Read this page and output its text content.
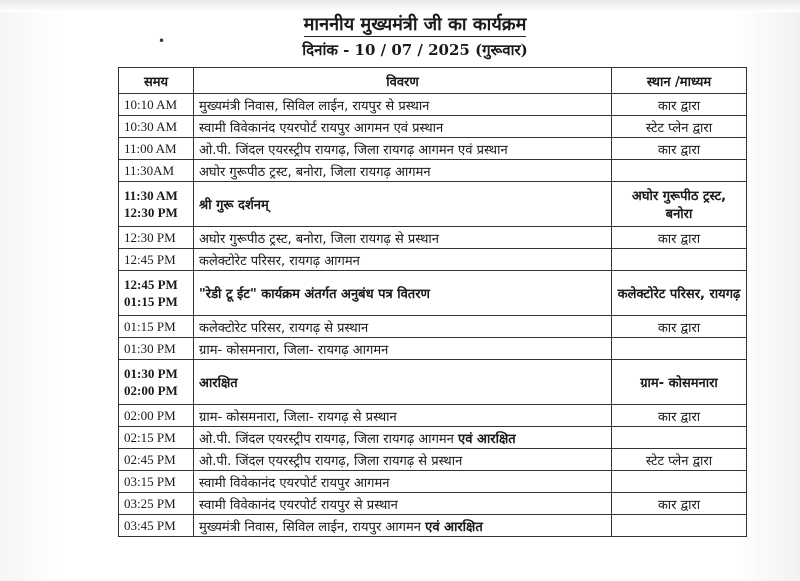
•
माननीय मुख्यमंत्री जी का कार्यक्रम
दिनांक - 10 / 07 / 2025 (गुरूवार)
समय	विवरण	स्थान /माध्यम

10:10 AM	मुख्यमंत्री निवास, सिविल लाईन, रायपुर से प्रस्थान	कार द्वारा

10:30 AM	स्वामी विवेकानंद एयरपोर्ट रायपुर आगमन एवं प्रस्थान	स्टेट प्लेन द्वारा

11:00 AM	ओ.पी. जिंदल एयरस्ट्रीप रायगढ़, जिला रायगढ़ आगमन एवं प्रस्थान	कार द्वारा

11:30AM	अघोर गुरूपीठ ट्रस्ट, बनोरा, जिला रायगढ़ आगमन	

11:30 AM
12:30 PM	श्री गुरू दर्शनम्	अघोर गुरूपीठ ट्रस्ट, बनोरा

12:30 PM	अघोर गुरूपीठ ट्रस्ट, बनोरा, जिला रायगढ़ से प्रस्थान	कार द्वारा

12:45 PM	कलेक्टोरेट परिसर, रायगढ़ आगमन	

12:45 PM
01:15 PM	"रेडी टू ईट" कार्यक्रम अंतर्गत अनुबंध पत्र वितरण	कलेक्टोरेट परिसर, रायगढ़

01:15 PM	कलेक्टोरेट परिसर, रायगढ़ से प्रस्थान	कार द्वारा

01:30 PM	ग्राम- कोसमनारा, जिला- रायगढ़ आगमन	

01:30 PM
02:00 PM	आरक्षित	ग्राम- कोसमनारा

02:00 PM	ग्राम- कोसमनारा, जिला- रायगढ़ से प्रस्थान	कार द्वारा

02:15 PM	ओ.पी. जिंदल एयरस्ट्रीप रायगढ़, जिला रायगढ़ आगमन एवं आरक्षित	

02:45 PM	ओ.पी. जिंदल एयरस्ट्रीप रायगढ़, जिला रायगढ़ से प्रस्थान	स्टेट प्लेन द्वारा

03:15 PM	स्वामी विवेकानंद एयरपोर्ट रायपुर आगमन	

03:25 PM	स्वामी विवेकानंद एयरपोर्ट रायपुर से प्रस्थान	कार द्वारा

03:45 PM	मुख्यमंत्री निवास, सिविल लाईन, रायपुर आगमन एवं आरक्षित	
